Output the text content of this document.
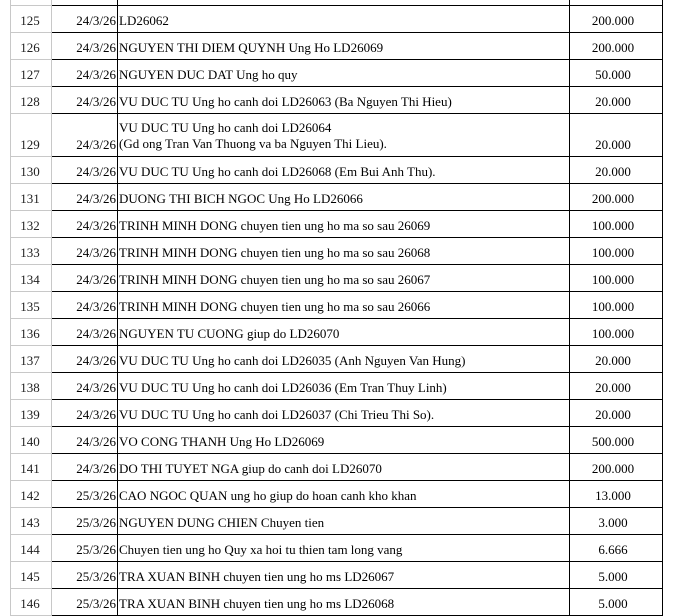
125	24/3/26	LD26062	200.000
126	24/3/26	NGUYEN THI DIEM QUYNH Ung Ho LD26069	200.000
127	24/3/26	NGUYEN DUC DAT Ung ho quy	50.000
128	24/3/26	VU DUC TU Ung ho canh doi LD26063 (Ba Nguyen Thi Hieu)	20.000
129	24/3/26	VU DUC TU Ung ho canh doi LD26064
(Gd ong Tran Van Thuong va ba Nguyen Thi Lieu).	20.000
130	24/3/26	VU DUC TU Ung ho canh doi LD26068 (Em Bui Anh Thu).	20.000
131	24/3/26	DUONG THI BICH NGOC Ung Ho LD26066	200.000
132	24/3/26	TRINH MINH DONG chuyen tien ung ho ma so sau 26069	100.000
133	24/3/26	TRINH MINH DONG chuyen tien ung ho ma so sau 26068	100.000
134	24/3/26	TRINH MINH DONG chuyen tien ung ho ma so sau 26067	100.000
135	24/3/26	TRINH MINH DONG chuyen tien ung ho ma so sau 26066	100.000
136	24/3/26	NGUYEN TU CUONG giup do LD26070	100.000
137	24/3/26	VU DUC TU Ung ho canh doi LD26035 (Anh Nguyen Van Hung)	20.000
138	24/3/26	VU DUC TU Ung ho canh doi LD26036 (Em Tran Thuy Linh)	20.000
139	24/3/26	VU DUC TU Ung ho canh doi LD26037 (Chi Trieu Thi So).	20.000
140	24/3/26	VO CONG THANH Ung Ho LD26069	500.000
141	24/3/26	DO THI TUYET NGA giup do canh doi LD26070	200.000
142	25/3/26	CAO NGOC QUAN ung ho giup do hoan canh kho khan	13.000
143	25/3/26	NGUYEN DUNG CHIEN Chuyen tien	3.000
144	25/3/26	Chuyen tien ung ho Quy xa hoi tu thien tam long vang	6.666
145	25/3/26	TRA XUAN BINH chuyen tien ung ho ms LD26067	5.000
146	25/3/26	TRA XUAN BINH chuyen tien ung ho ms LD26068	5.000
